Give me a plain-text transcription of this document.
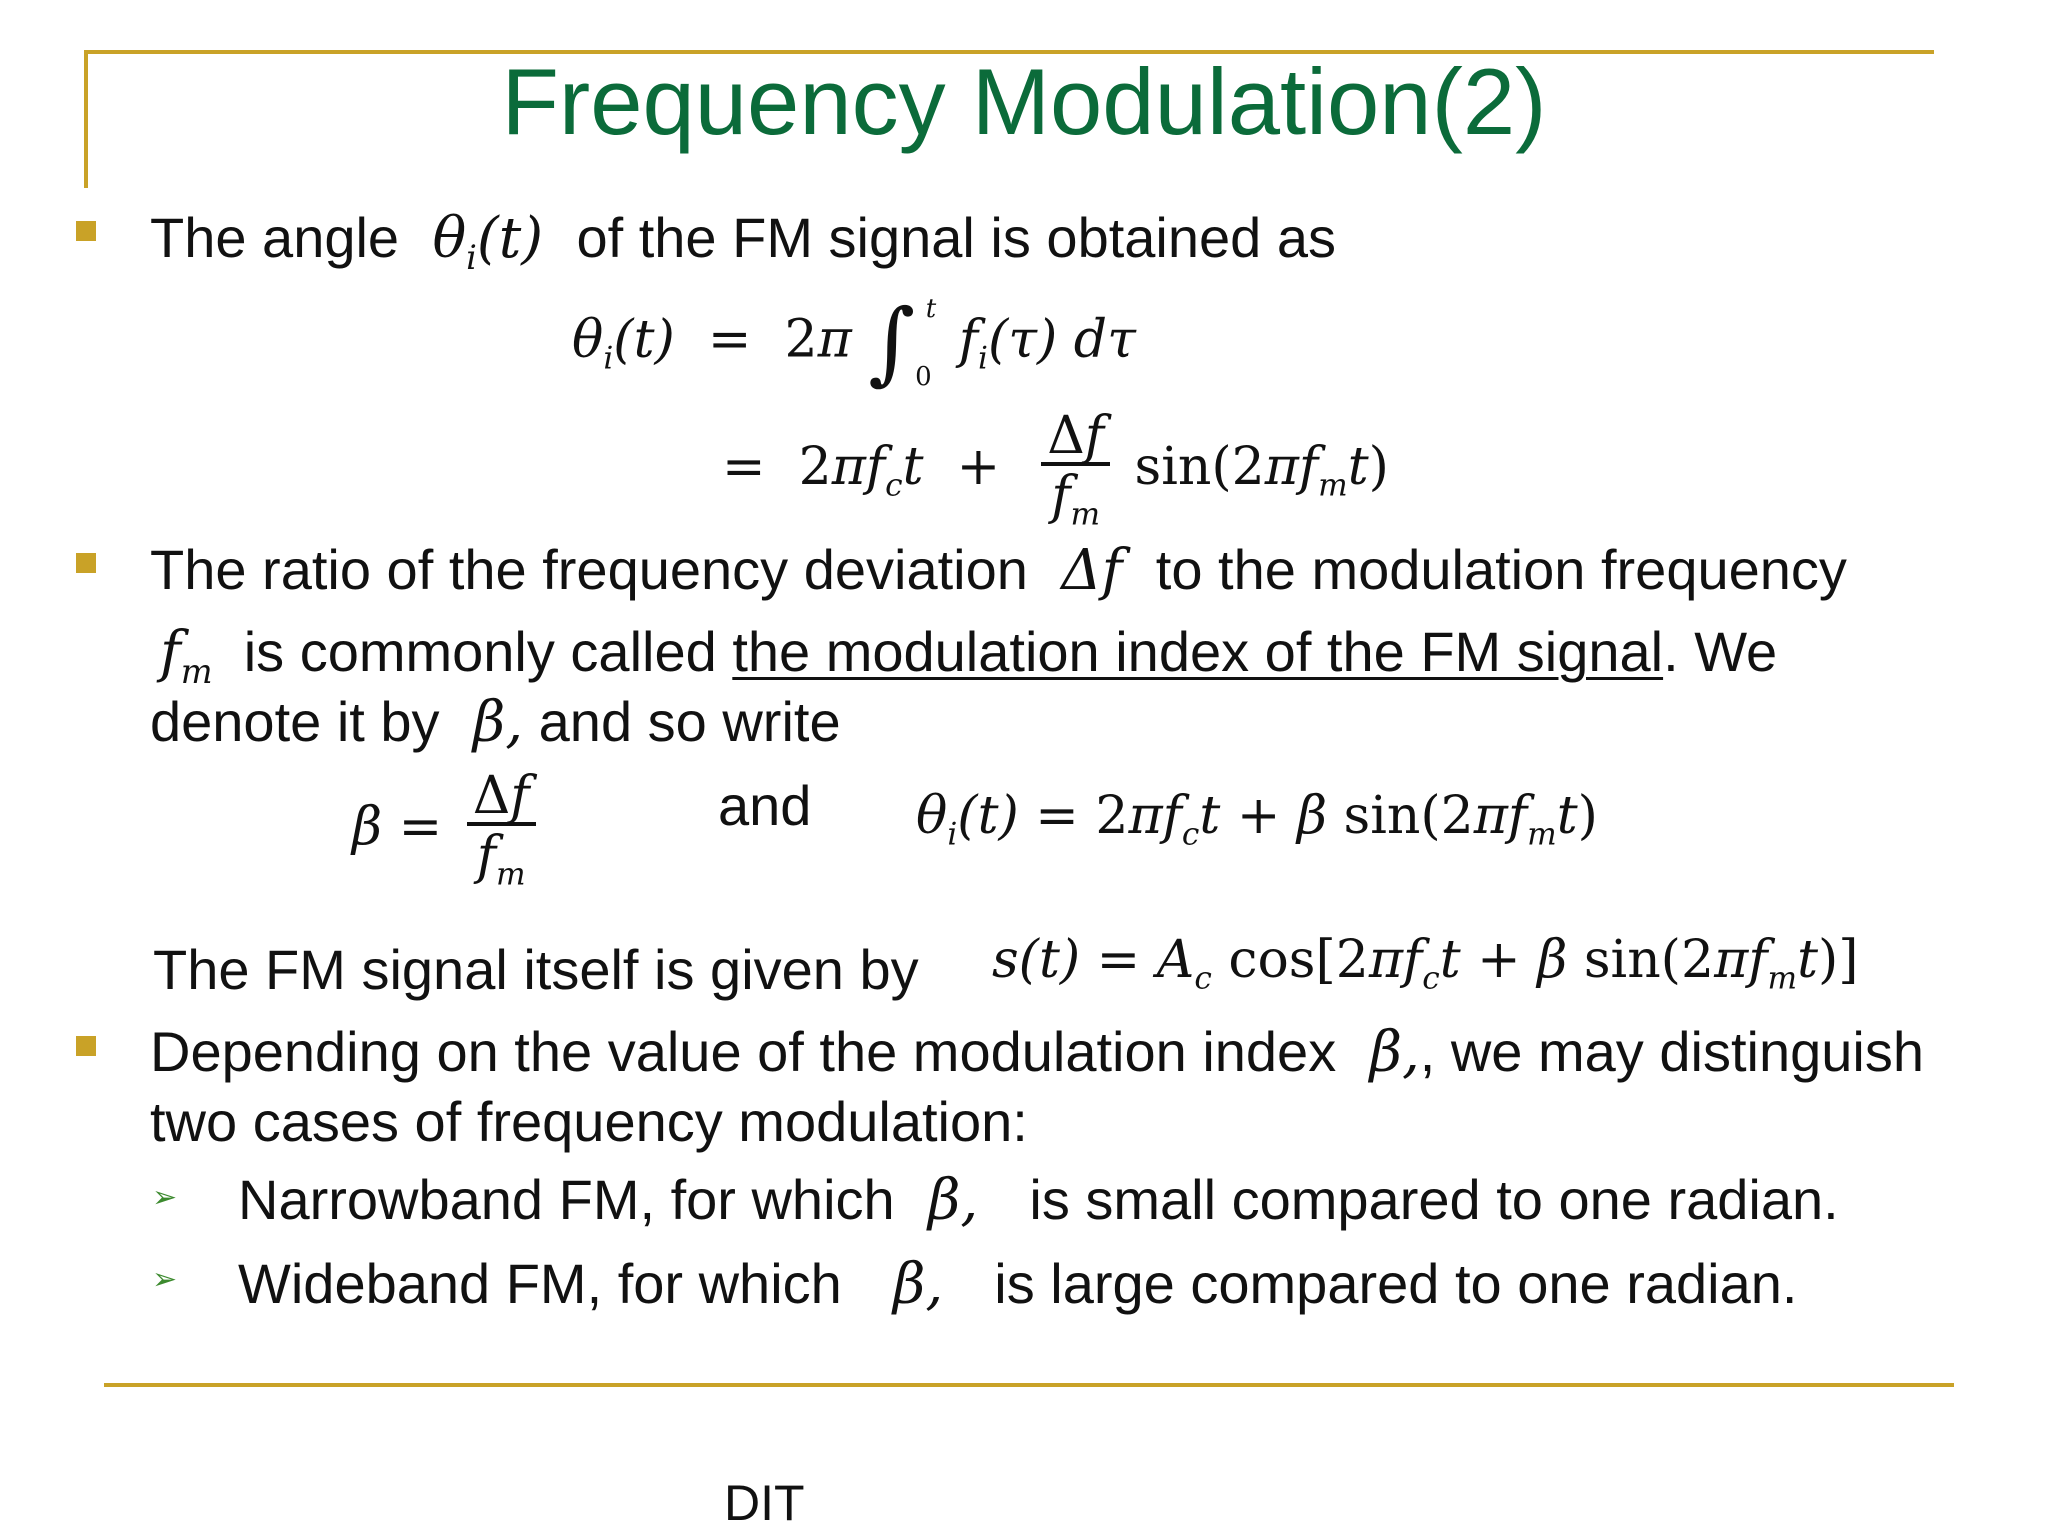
Frequency Modulation(2)
The angle  $\theta_i(t)$  of the FM signal is obtained as
$\theta_i(t) = 2\pi$ $\int_0^t$ $f_i(\tau)$ dτ
=  $2\pi f_ct + \frac{\Delta f}{f_m} \sin(2\pi f_mt)$
The ratio of the frequency deviation  Δf  to the modulation frequency
$f_m$ is commonly called the modulation index of the FM signal. We
denote it by  β, and so write
$\beta = \frac{\Delta f}{f_m}$	and $\theta_i(t) = 2\pi f_ct + \beta$ $\sin(2\pi f_mt)$
The FM signal itself is given by $s(t) = A_c$ $\cos[2\pi f_ct + \beta$ $\sin(2\pi f_mt)$]
Depending on the value of the modulation index  β,, we may distinguish
two cases of frequency modulation:
➢ Narrowband FM, for which  β,   is small compared to one radian.
➢ Wideband FM, for which   β,   is large compared to one radian.
DIT
